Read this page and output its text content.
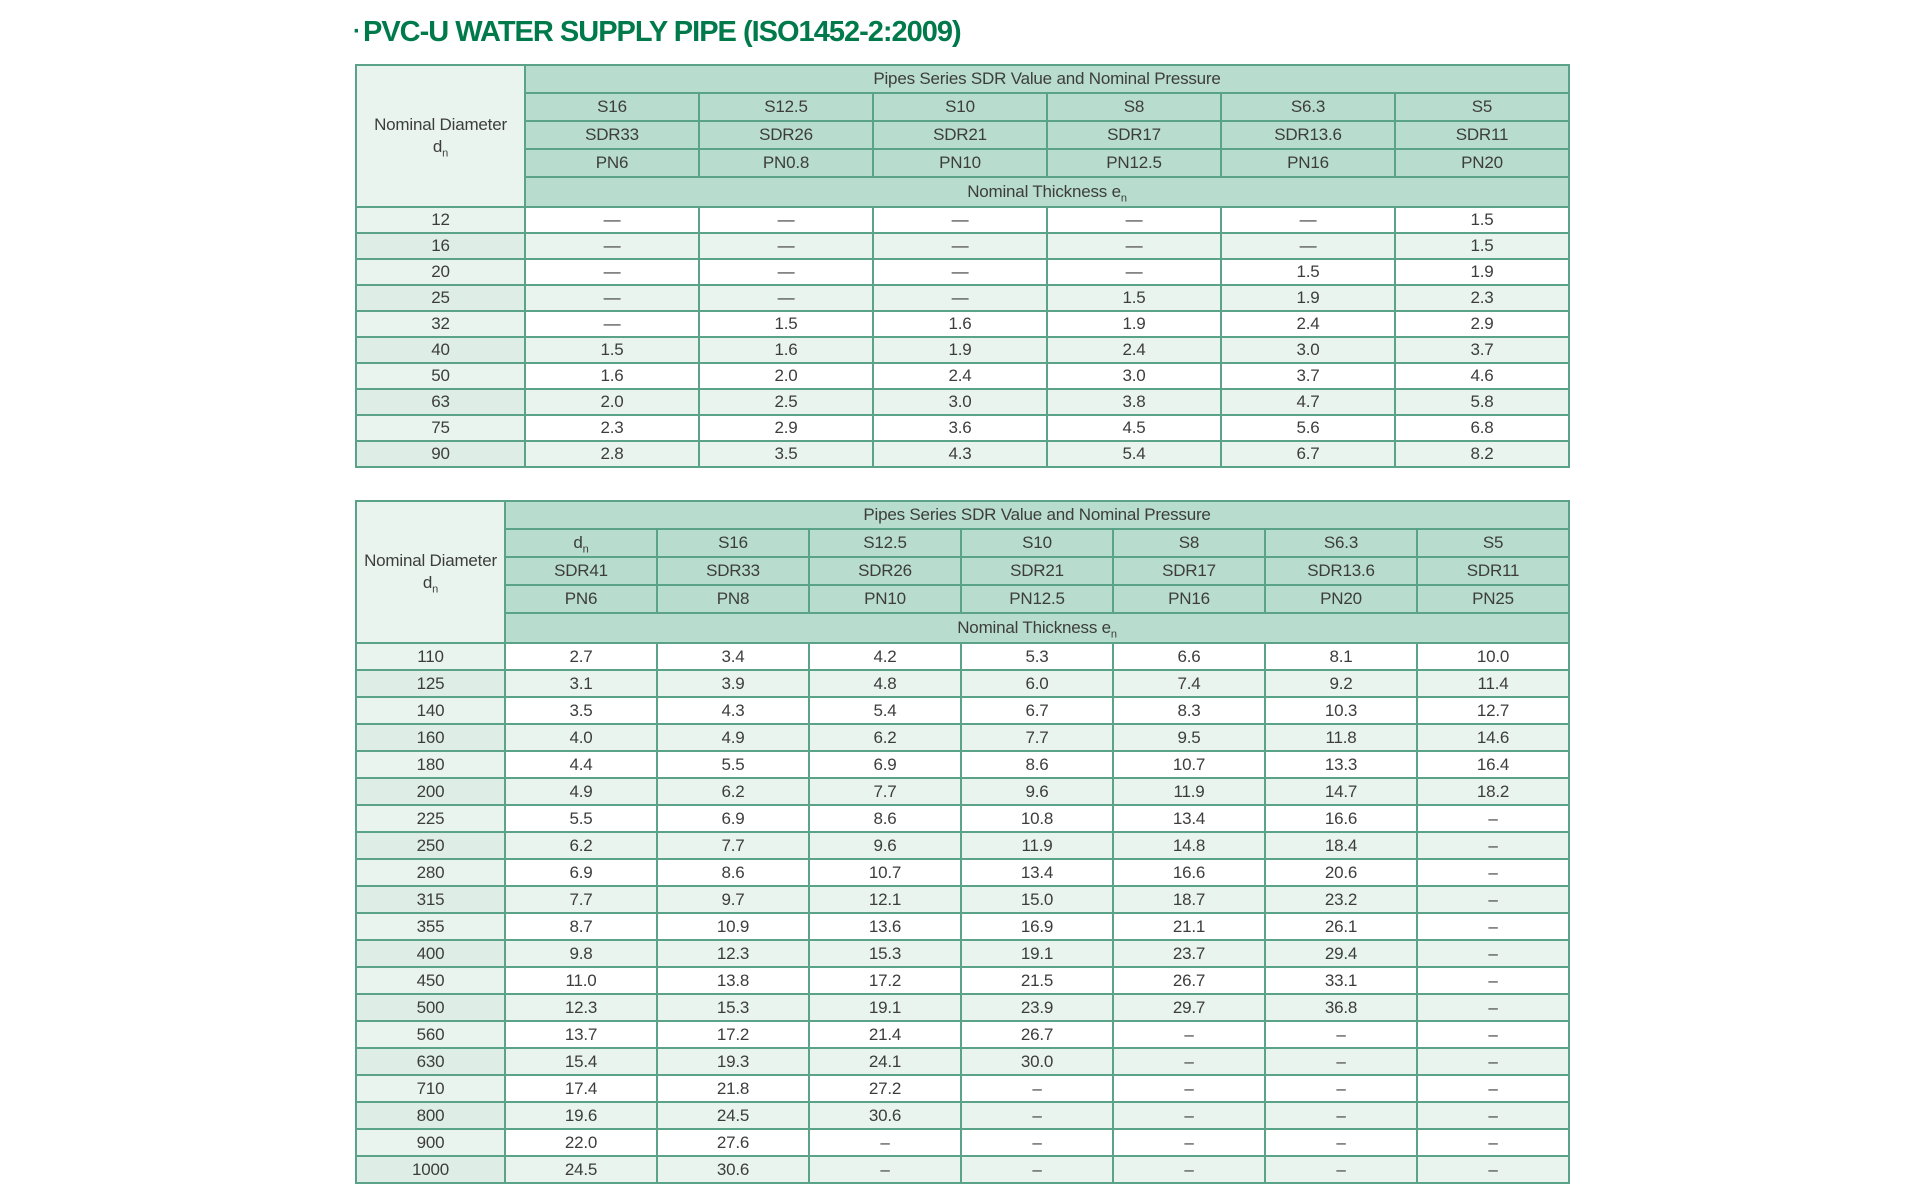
· PVC-U WATER SUPPLY PIPE (ISO1452-2:2009)
Nominal Diameter
$d_n$	Pipes Series SDR Value and Nominal Pressure					
	S16	S12.5	S10	S8	S6.3	S5
	SDR33	SDR26	SDR21	SDR17	SDR13.6	SDR11
	PN6	PN0.8	PN10	PN12.5	PN16	PN20
	Nominal Thickness $e_n$
12	—	—	—	—	—	1.5
16	—	—	—	—	—	1.5
20	—	—	—	—	1.5	1.9
25	—	—	—	1.5	1.9	2.3
32	—	1.5	1.6	1.9	2.4	2.9
40	1.5	1.6	1.9	2.4	3.0	3.7
50	1.6	2.0	2.4	3.0	3.7	4.6
63	2.0	2.5	3.0	3.8	4.7	5.8
75	2.3	2.9	3.6	4.5	5.6	6.8
90	2.8	3.5	4.3	5.4	6.7	8.2
Nominal Diameter
$d_n$	Pipes Series SDR Value and Nominal Pressure						
	$d_n$	S16	S12.5	S10	S8	S6.3	S5
	SDR41	SDR33	SDR26	SDR21	SDR17	SDR13.6	SDR11
	PN6	PN8	PN10	PN12.5	PN16	PN20	PN25
	Nominal Thickness $e_n$
110	2.7	3.4	4.2	5.3	6.6	8.1	10.0
125	3.1	3.9	4.8	6.0	7.4	9.2	11.4
140	3.5	4.3	5.4	6.7	8.3	10.3	12.7
160	4.0	4.9	6.2	7.7	9.5	11.8	14.6
180	4.4	5.5	6.9	8.6	10.7	13.3	16.4
200	4.9	6.2	7.7	9.6	11.9	14.7	18.2
225	5.5	6.9	8.6	10.8	13.4	16.6	–
250	6.2	7.7	9.6	11.9	14.8	18.4	–
280	6.9	8.6	10.7	13.4	16.6	20.6	–
315	7.7	9.7	12.1	15.0	18.7	23.2	–
355	8.7	10.9	13.6	16.9	21.1	26.1	–
400	9.8	12.3	15.3	19.1	23.7	29.4	–
450	11.0	13.8	17.2	21.5	26.7	33.1	–
500	12.3	15.3	19.1	23.9	29.7	36.8	–
560	13.7	17.2	21.4	26.7	–	–	–
630	15.4	19.3	24.1	30.0	–	–	–
710	17.4	21.8	27.2	–	–	–	–
800	19.6	24.5	30.6	–	–	–	–
900	22.0	27.6	–	–	–	–	–
1000	24.5	30.6	–	–	–	–	–
